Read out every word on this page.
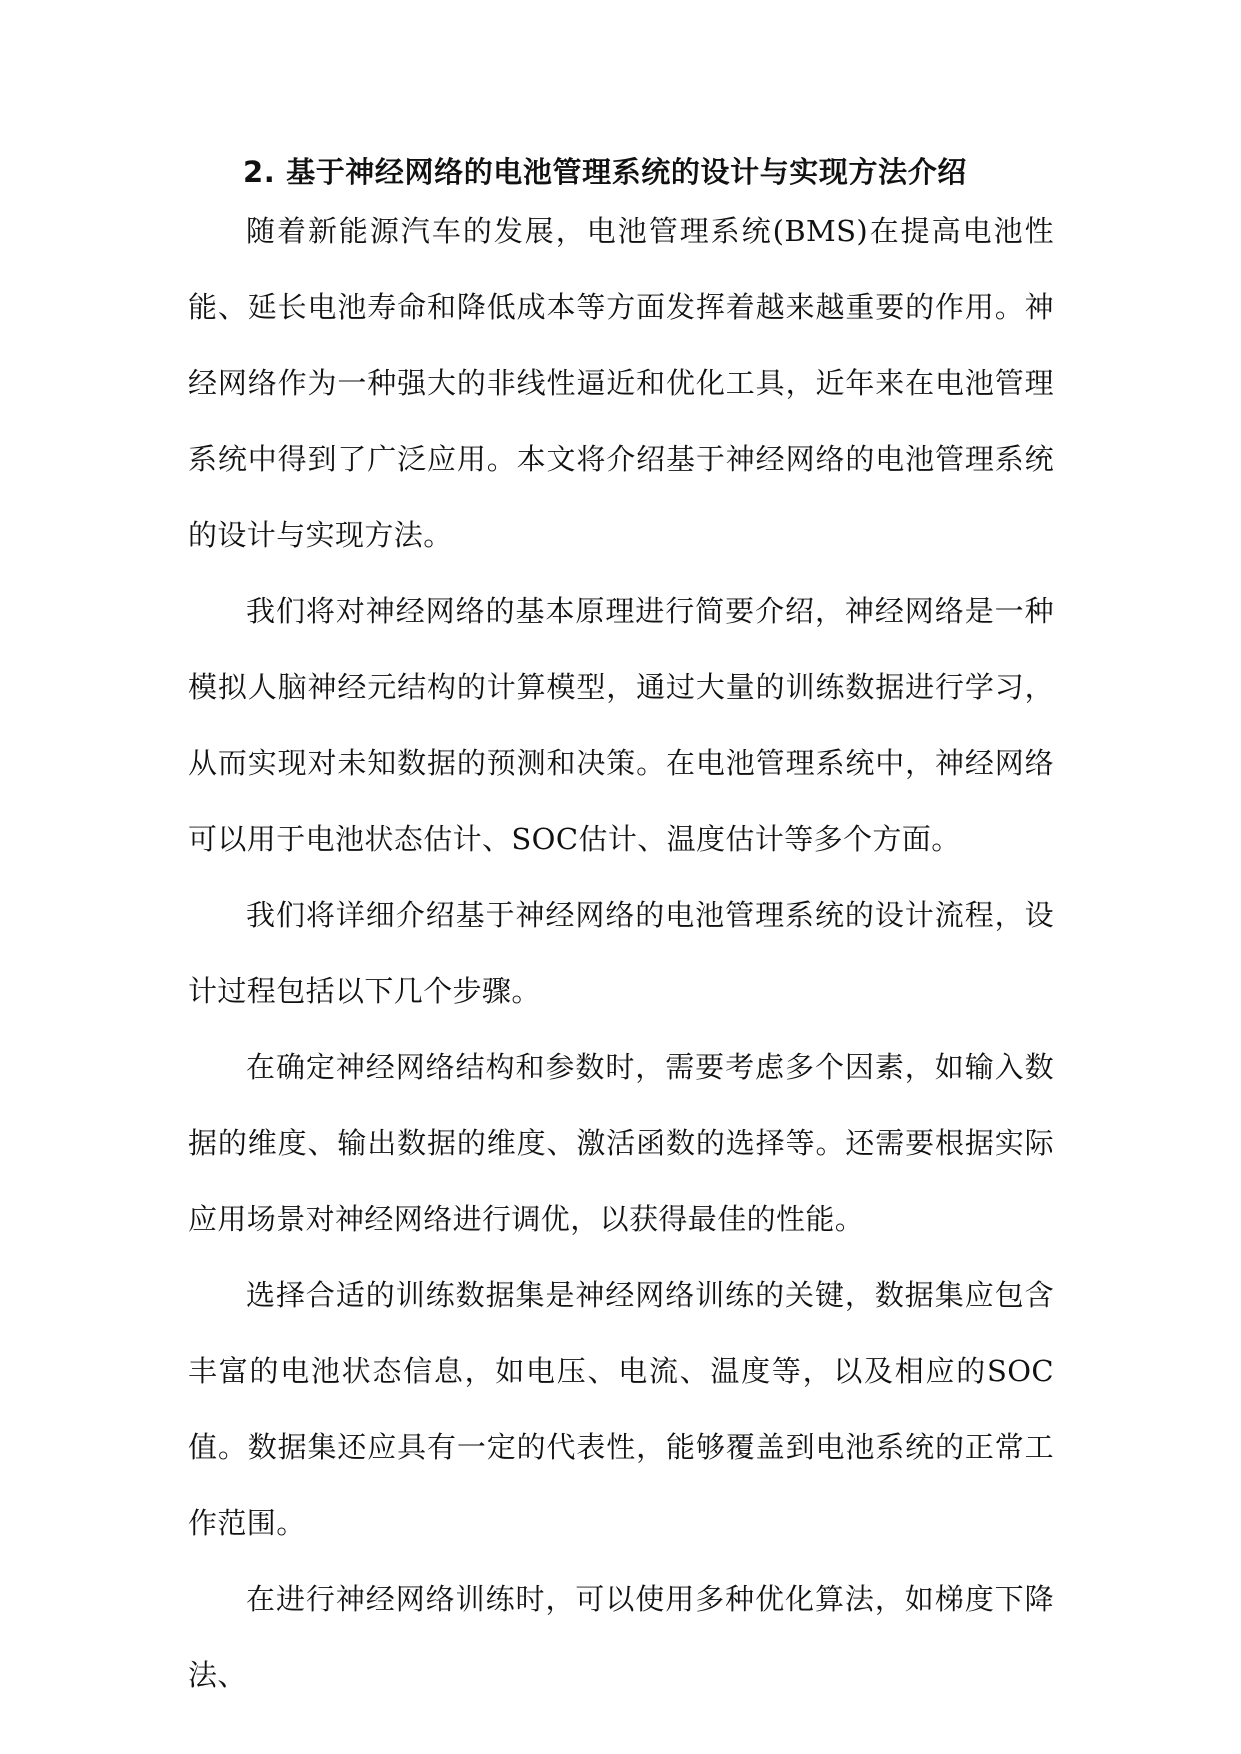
2. 基于神经网络的电池管理系统的设计与实现方法介绍

随着新能源汽车的发展，电池管理系统(BMS)在提高电池性能、延长电池寿命和降低成本等方面发挥着越来越重要的作用。神经网络作为一种强大的非线性逼近和优化工具，近年来在电池管理系统中得到了广泛应用。本文将介绍基于神经网络的电池管理系统的设计与实现方法。

我们将对神经网络的基本原理进行简要介绍，神经网络是一种模拟人脑神经元结构的计算模型，通过大量的训练数据进行学习，从而实现对未知数据的预测和决策。在电池管理系统中，神经网络可以用于电池状态估计、SOC估计、温度估计等多个方面。

我们将详细介绍基于神经网络的电池管理系统的设计流程，设计过程包括以下几个步骤。

在确定神经网络结构和参数时，需要考虑多个因素，如输入数据的维度、输出数据的维度、激活函数的选择等。还需要根据实际应用场景对神经网络进行调优，以获得最佳的性能。

选择合适的训练数据集是神经网络训练的关键，数据集应包含丰富的电池状态信息，如电压、电流、温度等，以及相应的SOC值。数据集还应具有一定的代表性，能够覆盖到电池系统的正常工作范围。

在进行神经网络训练时，可以使用多种优化算法，如梯度下降法、
